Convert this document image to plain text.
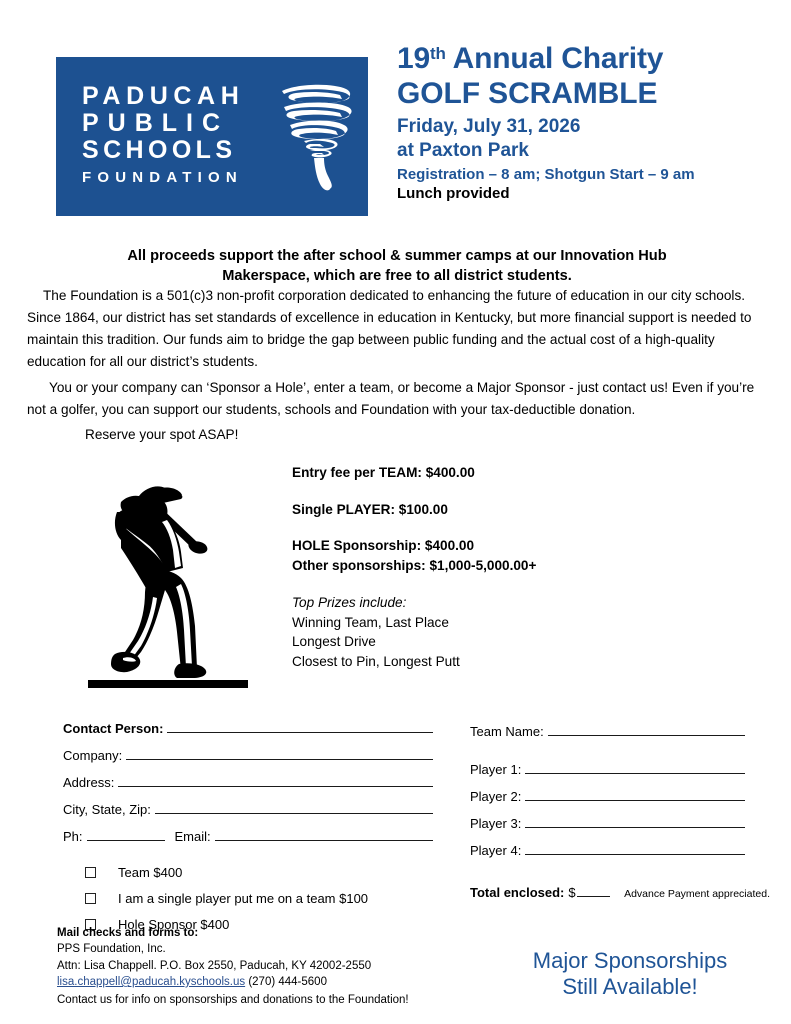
PADUCAH
PUBLIC
SCHOOLS
FOUNDATION
19th Annual Charity
GOLF SCRAMBLE
Friday, July 31, 2026
at Paxton Park
Registration – 8 am; Shotgun Start – 9 am
Lunch provided
All proceeds support the after school & summer camps at our Innovation Hub Makerspace, which are free to all district students.
The Foundation is a 501(c)3 non-profit corporation dedicated to enhancing the future of education in our city schools. Since 1864, our district has set standards of excellence in education in Kentucky, but more financial support is needed to maintain this tradition. Our funds aim to bridge the gap between public funding and the actual cost of a high-quality education for all our district’s students.
You or your company can ‘Sponsor a Hole’, enter a team, or become a Major Sponsor - just contact us! Even if you’re not a golfer, you can support our students, schools and Foundation with your tax-deductible donation.
Reserve your spot ASAP!
Entry fee per TEAM: $400.00
Single PLAYER: $100.00
HOLE Sponsorship: $400.00
Other sponsorships: $1,000-5,000.00+
Top Prizes include:
Winning Team, Last Place
Longest Drive
Closest to Pin, Longest Putt
Contact Person:
Company:
Address:
City, State, Zip:
Ph:	Email:
Team $400
I am a single player put me on a team $100
Hole Sponsor $400
Team Name:
Player 1:
Player 2:
Player 3:
Player 4:
Total enclosed: $	Advance Payment appreciated.
Mail checks and forms to:
PPS Foundation, Inc.
Attn: Lisa Chappell. P.O. Box 2550, Paducah, KY 42002-2550
lisa.chappell@paducah.kyschools.us (270) 444-5600
Contact us for info on sponsorships and donations to the Foundation!
Major Sponsorships
Still Available!
